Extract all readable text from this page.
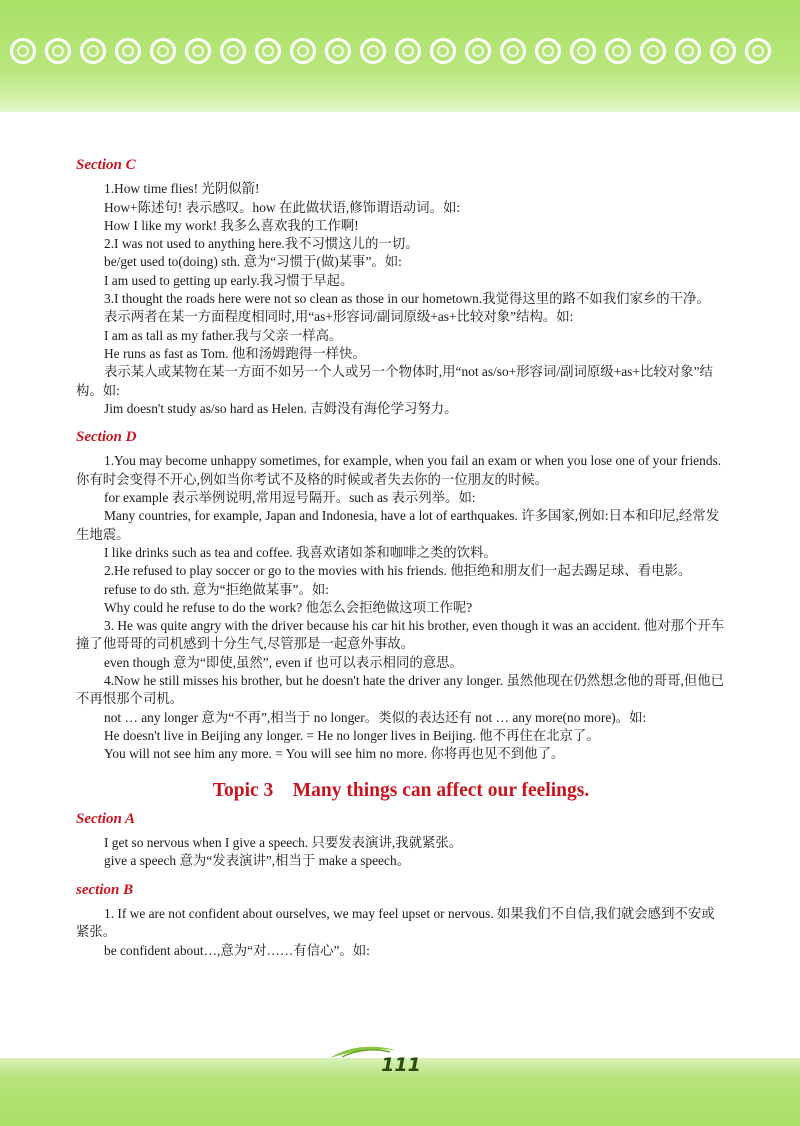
Section C

1.How time flies! 光阴似箭!

How+陈述句! 表示感叹。how 在此做状语,修饰谓语动词。如:

How I like my work! 我多么喜欢我的工作啊!

2.I was not used to anything here.我不习惯这儿的一切。

be/get used to(doing) sth. 意为“习惯于(做)某事”。如:

I am used to getting up early.我习惯于早起。

3.I thought the roads here were not so clean as those in our hometown.我觉得这里的路不如我们家乡的干净。

表示两者在某一方面程度相同时,用“as+形容词/副词原级+as+比较对象”结构。如:

I am as tall as my father.我与父亲一样高。

He runs as fast as Tom. 他和汤姆跑得一样快。

表示某人或某物在某一方面不如另一个人或另一个物体时,用“not as/so+形容词/副词原级+as+比较对象”结构。如:

Jim doesn't study as/so hard as Helen. 吉姆没有海伦学习努力。

Section D

1.You may become unhappy sometimes, for example, when you fail an exam or when you lose one of your friends.你有时会变得不开心,例如当你考试不及格的时候或者失去你的一位朋友的时候。

for example 表示举例说明,常用逗号隔开。such as 表示列举。如:

Many countries, for example, Japan and Indonesia, have a lot of earthquakes. 许多国家,例如:日本和印尼,经常发生地震。

I like drinks such as tea and coffee. 我喜欢诸如茶和咖啡之类的饮料。

2.He refused to play soccer or go to the movies with his friends. 他拒绝和朋友们一起去踢足球、看电影。

refuse to do sth. 意为“拒绝做某事”。如:

Why could he refuse to do the work? 他怎么会拒绝做这项工作呢?

3. He was quite angry with the driver because his car hit his brother, even though it was an accident. 他对那个开车撞了他哥哥的司机感到十分生气,尽管那是一起意外事故。

even though 意为“即使,虽然”, even if 也可以表示相同的意思。

4.Now he still misses his brother, but he doesn't hate the driver any longer. 虽然他现在仍然想念他的哥哥,但他已不再恨那个司机。

not … any longer 意为“不再”,相当于 no longer。类似的表达还有 not … any more(no more)。如:

He doesn't live in Beijing any longer. = He no longer lives in Beijing. 他不再住在北京了。

You will not see him any more. = You will see him no more. 你将再也见不到他了。

Topic 3    Many things can affect our feelings.
Section A

I get so nervous when I give a speech. 只要发表演讲,我就紧张。

give a speech 意为“发表演讲”,相当于 make a speech。

section B

1. If we are not confident about ourselves, we may feel upset or nervous. 如果我们不自信,我们就会感到不安或紧张。

be confident about…,意为“对……有信心”。如:

111
